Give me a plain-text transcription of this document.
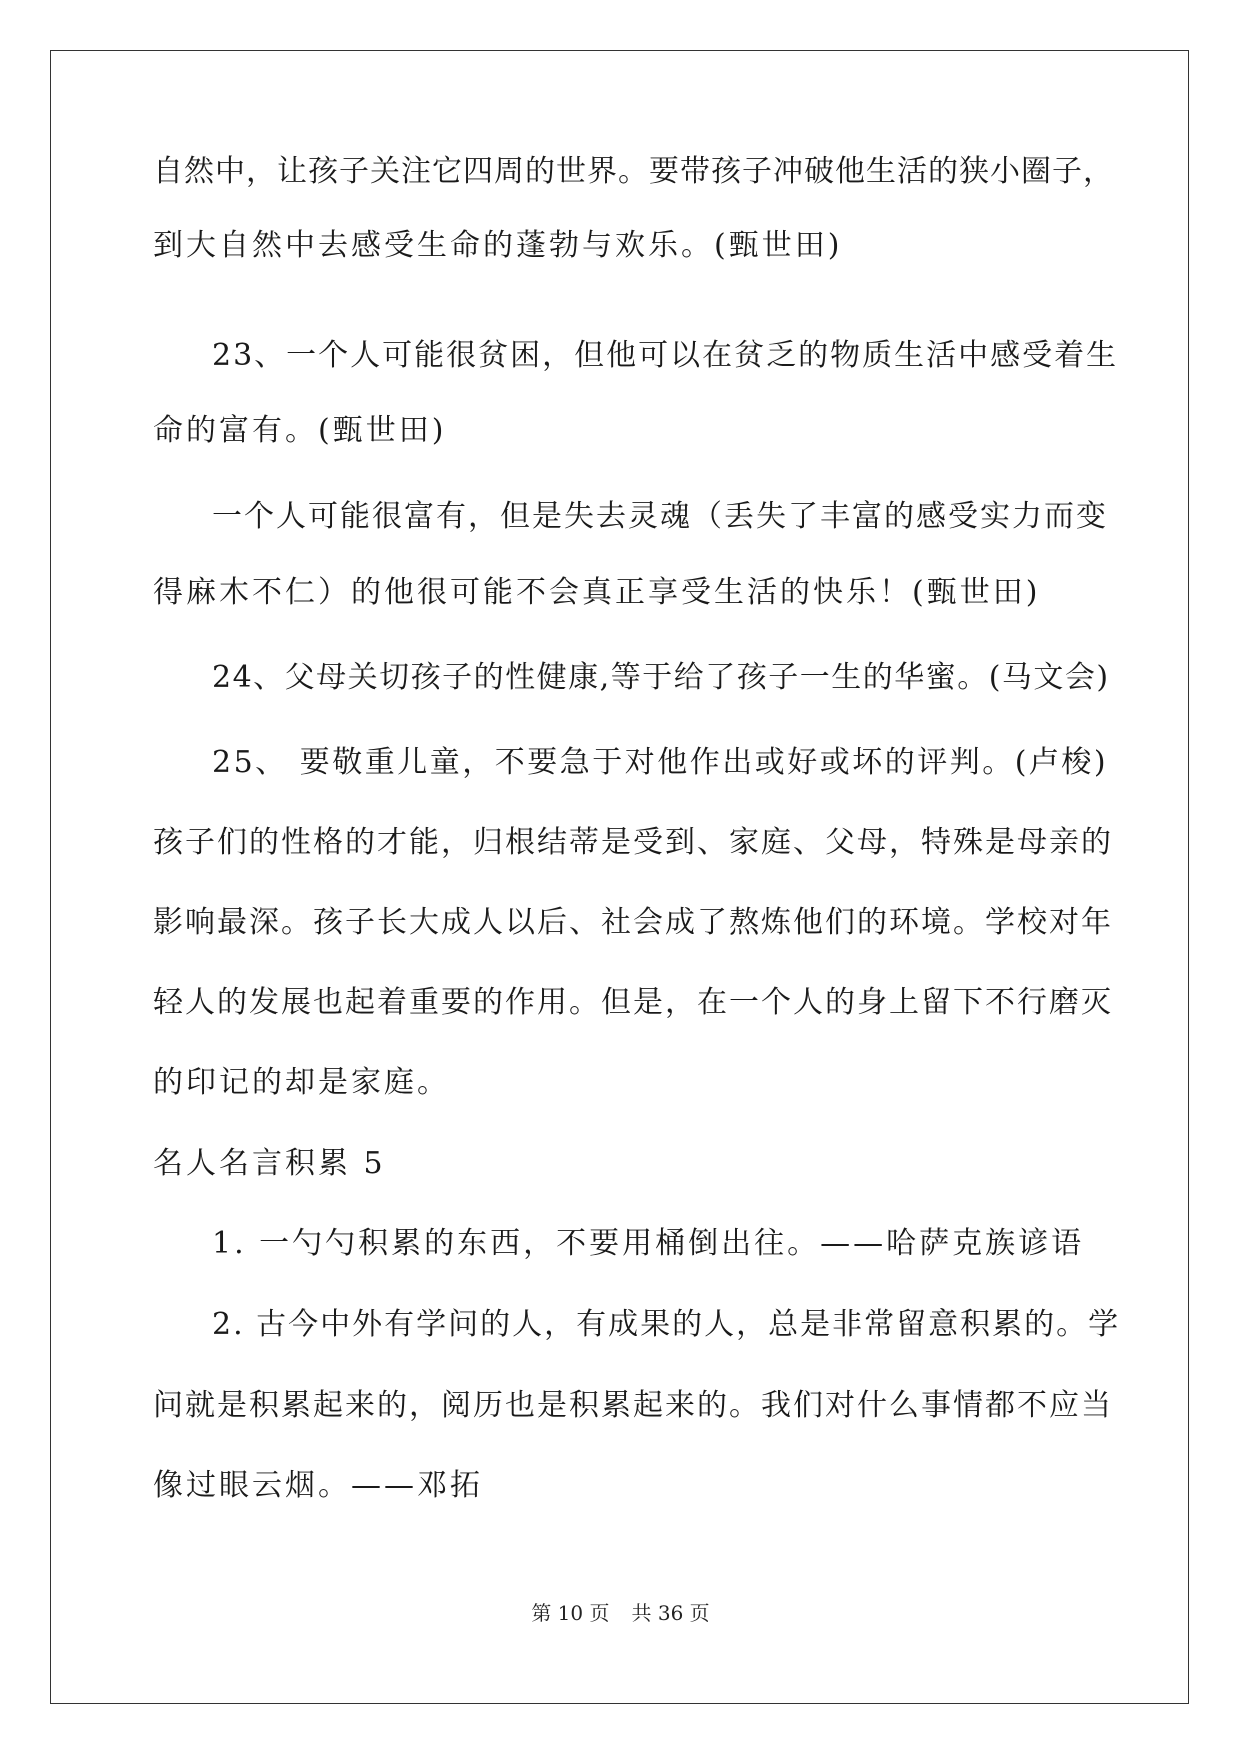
自然中，让孩子关注它四周的世界。要带孩子冲破他生活的狭小圈子，
到大自然中去感受生命的蓬勃与欢乐。(甄世田)
23、一个人可能很贫困，但他可以在贫乏的物质生活中感受着生
命的富有。(甄世田)
一个人可能很富有，但是失去灵魂（丢失了丰富的感受实力而变
得麻木不仁）的他很可能不会真正享受生活的快乐！(甄世田)
24、父母关切孩子的性健康,等于给了孩子一生的华蜜。(马文会)
25、 要敬重儿童，不要急于对他作出或好或坏的评判。(卢梭)
孩子们的性格的才能，归根结蒂是受到、家庭、父母，特殊是母亲的
影响最深。孩子长大成人以后、社会成了熬炼他们的环境。学校对年
轻人的发展也起着重要的作用。但是，在一个人的身上留下不行磨灭
的印记的却是家庭。
名人名言积累 5
1. 一勺勺积累的东西，不要用桶倒出往。——哈萨克族谚语
2. 古今中外有学问的人，有成果的人，总是非常留意积累的。学
问就是积累起来的，阅历也是积累起来的。我们对什么事情都不应当
像过眼云烟。——邓拓
第 10 页 共 36 页
